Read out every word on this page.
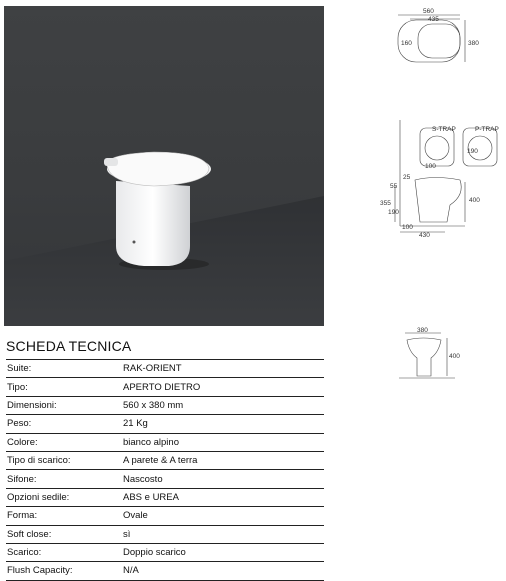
560
435
160	380
S-TRAP	P-TRAP
25
55
355	400
190
100
430
100
190
380
400
SCHEDA TECNICA
Suite:	RAK-ORIENT
Tipo:	APERTO DIETRO
Dimensioni:	560 x 380 mm
Peso:	21 Kg
Colore:	bianco alpino
Tipo di scarico:	A parete & A terra
Sifone:	Nascosto
Opzioni sedile:	ABS e UREA
Forma:	Ovale
Soft close:	sì
Scarico:	Doppio scarico
Flush Capacity:	N/A
